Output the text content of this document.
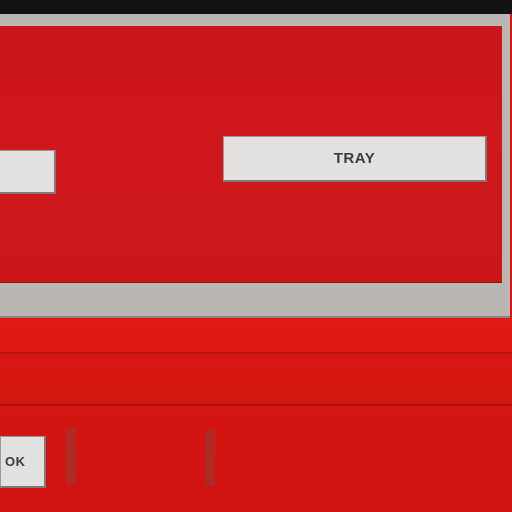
TRAY
OK
